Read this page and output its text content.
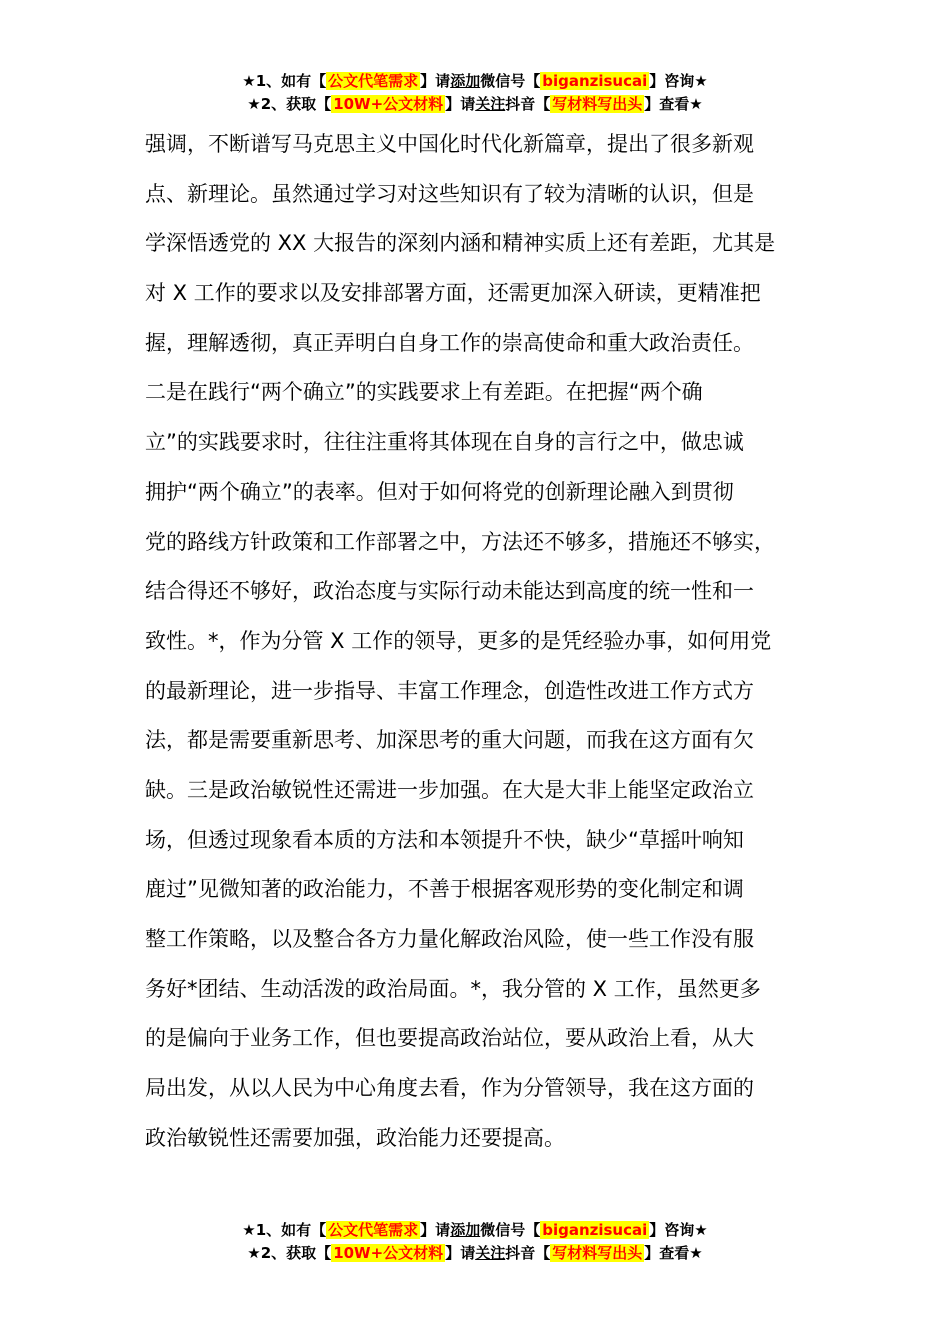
★1、如有【 公文代笔需求 】请添加微信号【 biganzisucai 】咨询★
★2、获取【 10W+公文材料 】请关注抖音【 写材料写出头 】查看★
强调，不断谱写马克思主义中国化时代化新篇章，提出了很多新观
点、新理论。虽然通过学习对这些知识有了较为清晰的认识，但是
学深悟透党的 XX 大报告的深刻内涵和精神实质上还有差距，尤其是
对 X 工作的要求以及安排部署方面，还需更加深入研读，更精准把
握，理解透彻，真正弄明白自身工作的崇高使命和重大政治责任。
二是在践行“两个确立”的实践要求上有差距。在把握“两个确
立”的实践要求时，往往注重将其体现在自身的言行之中，做忠诚
拥护“两个确立”的表率。但对于如何将党的创新理论融入到贯彻
党的路线方针政策和工作部署之中，方法还不够多，措施还不够实，
结合得还不够好，政治态度与实际行动未能达到高度的统一性和一
致性。*，作为分管 X 工作的领导，更多的是凭经验办事，如何用党
的最新理论，进一步指导、丰富工作理念，创造性改进工作方式方
法，都是需要重新思考、加深思考的重大问题，而我在这方面有欠
缺。三是政治敏锐性还需进一步加强。在大是大非上能坚定政治立
场，但透过现象看本质的方法和本领提升不快，缺少“草摇叶响知
鹿过”见微知著的政治能力，不善于根据客观形势的变化制定和调
整工作策略，以及整合各方力量化解政治风险，使一些工作没有服
务好*团结、生动活泼的政治局面。*，我分管的 X 工作，虽然更多
的是偏向于业务工作，但也要提高政治站位，要从政治上看，从大
局出发，从以人民为中心角度去看，作为分管领导，我在这方面的
政治敏锐性还需要加强，政治能力还要提高。
★1、如有【 公文代笔需求 】请添加微信号【 biganzisucai 】咨询★
★2、获取【 10W+公文材料 】请关注抖音【 写材料写出头 】查看★
